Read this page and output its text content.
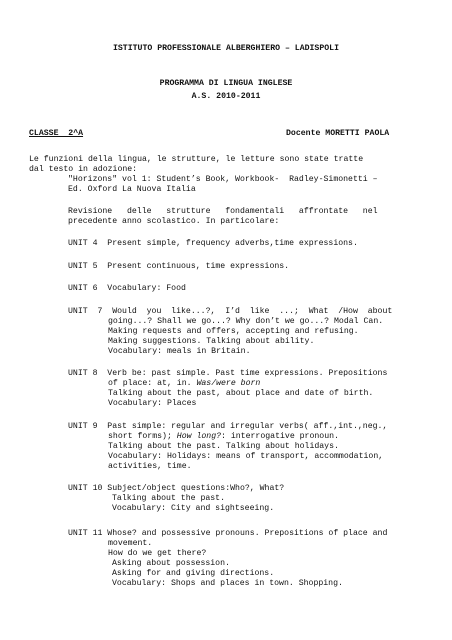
ISTITUTO PROFESSIONALE ALBERGHIERO – LADISPOLI
PROGRAMMA DI LINGUA INGLESE
A.S. 2010-2011
CLASSE  2^A	Docente MORETTI PAOLA
Le funzioni della lingua, le strutture, le letture sono state tratte
dal testo in adozione:
"Horizons" vol 1: Student’s Book, Workbook-  Radley-Simonetti –
Ed. Oxford La Nuova Italia
Revisione   delle   strutture   fondamentali   affrontate   nel
precedente anno scolastico. In particolare:
UNIT 4  Present simple, frequency adverbs,time expressions.
UNIT 5  Present continuous, time expressions.
UNIT 6  Vocabulary: Food
UNIT  7  Would  you  like...?,  I’d  like  ...;  What  /How  about
going...? Shall we go...? Why don’t we go...? Modal Can.
Making requests and offers, accepting and refusing.
Making suggestions. Talking about ability.
Vocabulary: meals in Britain.
UNIT 8  Verb be: past simple. Past time expressions. Prepositions
of place: at, in. Was/were born
Talking about the past, about place and date of birth.
Vocabulary: Places
UNIT 9  Past simple: regular and irregular verbs( aff.,int.,neg.,
short forms); How long?: interrogative pronoun.
Talking about the past. Talking about holidays.
Vocabulary: Holidays: means of transport, accommodation,
activities, time.
UNIT 10 Subject/object questions:Who?, What?
Talking about the past.
Vocabulary: City and sightseeing.
UNIT 11 Whose? and possessive pronouns. Prepositions of place and
movement.
How do we get there?
Asking about possession.
Asking for and giving directions.
Vocabulary: Shops and places in town. Shopping.
